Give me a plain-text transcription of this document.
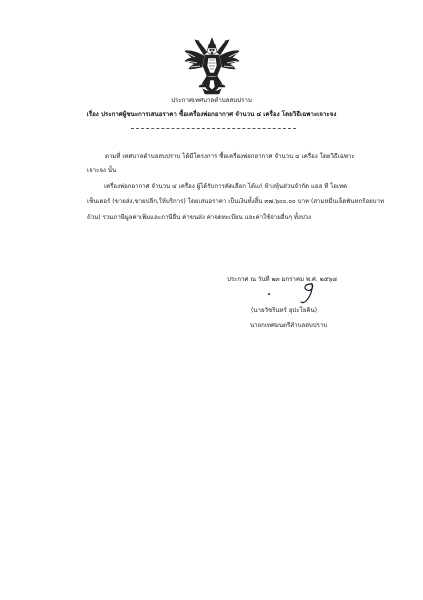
ประกาศเทศบาลตำบลสบปราบ
เรื่อง ประกาศผู้ชนะการเสนอราคา ซื้อเครื่องพ่อกอากาศ จำนวน ๔ เครื่อง โดยวิธีเฉพาะเจาะจง
ตามที่ เทศบาลตำบลสบปราบ ได้มีโครงการ ซื้อเครื่องพ่อกอากาศ จำนวน ๔ เครื่อง โดยวิธีเฉพาะ
เจาะจง นั้น
เครื่องพ่อกอากาศ จำนวน ๔ เครื่อง ผู้ได้รับการคัดเลือก ได้แก่ ห้างหุ้นส่วนจำกัด แอล ที ไอเทค
เซ็นเตอร์ (ขายส่ง,ขายปลีก,ให้บริการ) โดยเสนอราคา เป็นเงินทั้งสิ้น ๓๗,๖๐๐.๐๐ บาท (สามหมื่นเจ็ดพันหกร้อยบาท
ถ้วน) รวมภาษีมูลค่าเพิ่มและภาษีอื่น ค่าขนส่ง ค่าจดทะเบียน และค่าใช้จ่ายอื่นๆ ทั้งปวง
ประกาศ ณ วันที่ ๒๓ มกราคม พ.ศ. ๒๕๖๘
(นายวัชรินทร์ อุปะโยคิน)
นายกเทศมนตรีตำบลสบปราบ
